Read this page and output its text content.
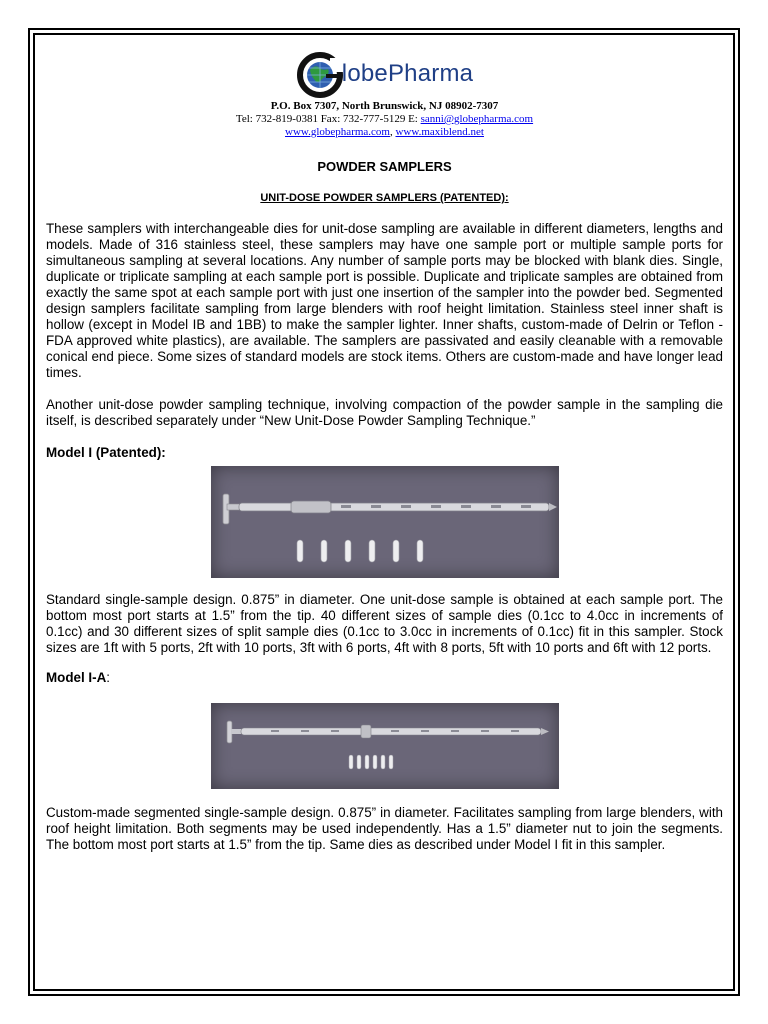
lobePharma
P.O. Box 7307, North Brunswick, NJ 08902-7307
Tel: 732-819-0381 Fax: 732-777-5129 E: sanni@globepharma.com
www.globepharma.com, www.maxiblend.net
POWDER SAMPLERS
UNIT-DOSE POWDER SAMPLERS (PATENTED):

These samplers with interchangeable dies for unit-dose sampling are available in different diameters, lengths and models. Made of 316 stainless steel, these samplers may have one sample port or multiple sample ports for simultaneous sampling at several locations. Any number of sample ports may be blocked with blank dies. Single, duplicate or triplicate sampling at each sample port is possible. Duplicate and triplicate samples are obtained from exactly the same spot at each sample port with just one insertion of the sampler into the powder bed. Segmented design samplers facilitate sampling from large blenders with roof height limitation. Stainless steel inner shaft is hollow (except in Model IB and 1BB) to make the sampler lighter. Inner shafts, custom-made of Delrin or Teflon - FDA approved white plastics), are available. The samplers are passivated and easily cleanable with a removable conical end piece. Some sizes of standard models are stock items. Others are custom-made and have longer lead times.

Another unit-dose powder sampling technique, involving compaction of the powder sample in the sampling die itself, is described separately under “New Unit-Dose Powder Sampling Technique.”

Model I (Patented):

Standard single-sample design. 0.875” in diameter. One unit-dose sample is obtained at each sample port. The bottom most port starts at 1.5” from the tip. 40 different sizes of sample dies (0.1cc to 4.0cc in increments of 0.1cc) and 30 different sizes of split sample dies (0.1cc to 3.0cc in increments of 0.1cc) fit in this sampler. Stock sizes are 1ft with 5 ports, 2ft with 10 ports, 3ft with 6 ports, 4ft with 8 ports, 5ft with 10 ports and 6ft with 12 ports.

Model I-A:

Custom-made segmented single-sample design. 0.875” in diameter. Facilitates sampling from large blenders, with roof height limitation. Both segments may be used independently. Has a 1.5” diameter nut to join the segments. The bottom most port starts at 1.5” from the tip. Same dies as described under Model I fit in this sampler.
